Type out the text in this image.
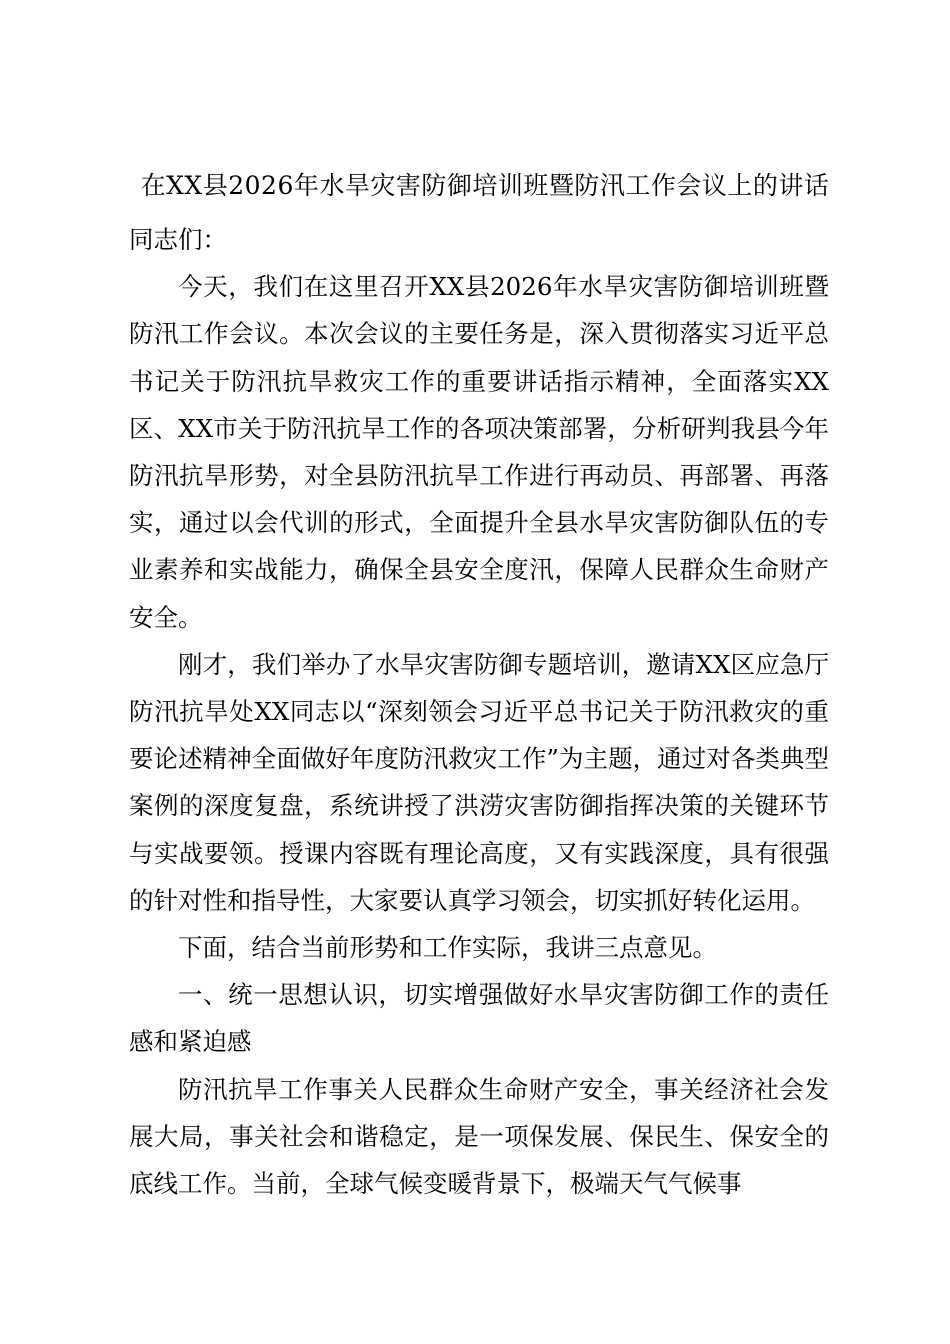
在XX县2026年水旱灾害防御培训班暨防汛工作会议上的讲话

同志们：

今天，我们在这里召开XX县2026年水旱灾害防御培训班暨防汛工作会议。本次会议的主要任务是，深入贯彻落实习近平总书记关于防汛抗旱救灾工作的重要讲话指示精神，全面落实XX区、XX市关于防汛抗旱工作的各项决策部署，分析研判我县今年防汛抗旱形势，对全县防汛抗旱工作进行再动员、再部署、再落实，通过以会代训的形式，全面提升全县水旱灾害防御队伍的专业素养和实战能力，确保全县安全度汛，保障人民群众生命财产安全。

刚才，我们举办了水旱灾害防御专题培训，邀请XX区应急厅防汛抗旱处XX同志以“深刻领会习近平总书记关于防汛救灾的重要论述精神全面做好年度防汛救灾工作”为主题，通过对各类典型案例的深度复盘，系统讲授了洪涝灾害防御指挥决策的关键环节与实战要领。授课内容既有理论高度，又有实践深度，具有很强的针对性和指导性，大家要认真学习领会，切实抓好转化运用。

下面，结合当前形势和工作实际，我讲三点意见。

一、统一思想认识，切实增强做好水旱灾害防御工作的责任感和紧迫感

防汛抗旱工作事关人民群众生命财产安全，事关经济社会发展大局，事关社会和谐稳定，是一项保发展、保民生、保安全的底线工作。当前，全球气候变暖背景下，极端天气气候事
